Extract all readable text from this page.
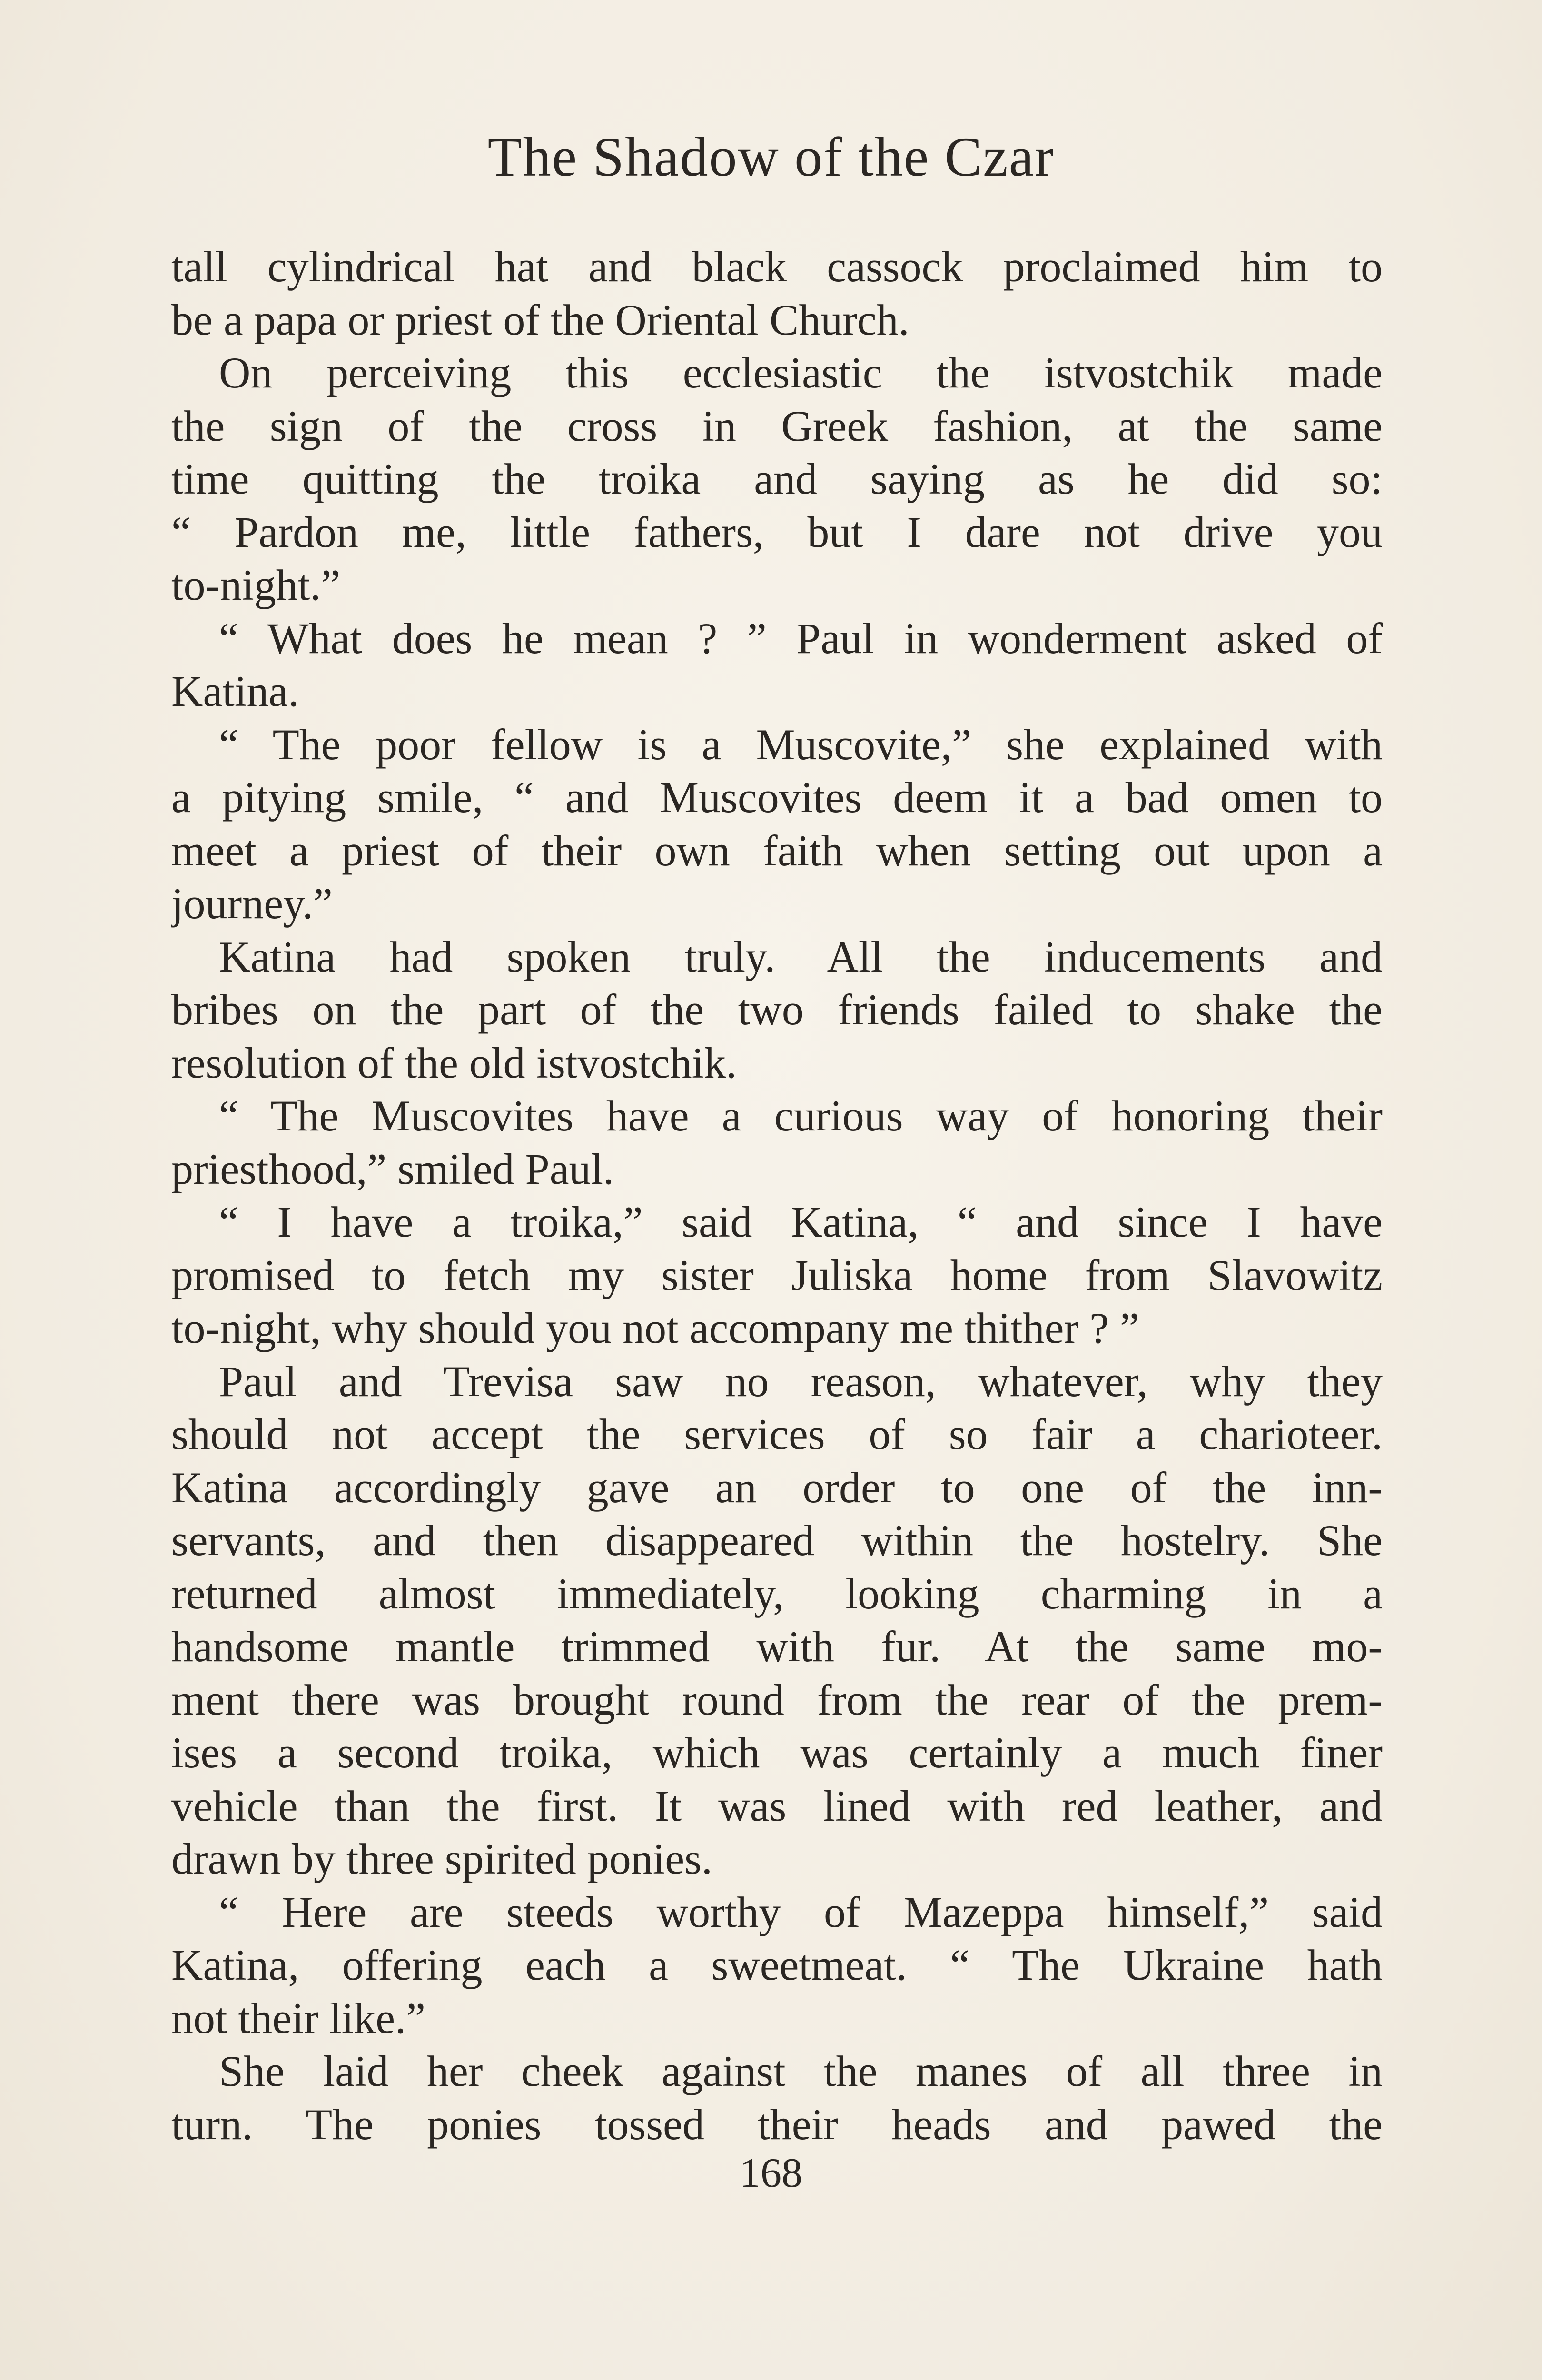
The Shadow of the Czar
tall cylindrical hat and black cassock proclaimed him to
be a papa or priest of the Oriental Church.
On perceiving this ecclesiastic the istvostchik made
the sign of the cross in Greek fashion, at the same
time quitting the troika and saying as he did so:
“ Pardon me, little fathers, but I dare not drive you
to-night.”
“ What does he mean ? ” Paul in wonderment asked of
Katina.
“ The poor fellow is a Muscovite,” she explained with
a pitying smile, “ and Muscovites deem it a bad omen to
meet a priest of their own faith when setting out upon a
journey.”
Katina had spoken truly. All the inducements and
bribes on the part of the two friends failed to shake the
resolution of the old istvostchik.
“ The Muscovites have a curious way of honoring their
priesthood,” smiled Paul.
“ I have a troika,” said Katina, “ and since I have
promised to fetch my sister Juliska home from Slavowitz
to-night, why should you not accompany me thither ? ”
Paul and Trevisa saw no reason, whatever, why they
should not accept the services of so fair a charioteer.
Katina accordingly gave an order to one of the inn-
servants, and then disappeared within the hostelry. She
returned almost immediately, looking charming in a
handsome mantle trimmed with fur. At the same mo-
ment there was brought round from the rear of the prem-
ises a second troika, which was certainly a much finer
vehicle than the first. It was lined with red leather, and
drawn by three spirited ponies.
“ Here are steeds worthy of Mazeppa himself,” said
Katina, offering each a sweetmeat. “ The Ukraine hath
not their like.”
She laid her cheek against the manes of all three in
turn. The ponies tossed their heads and pawed the
168
